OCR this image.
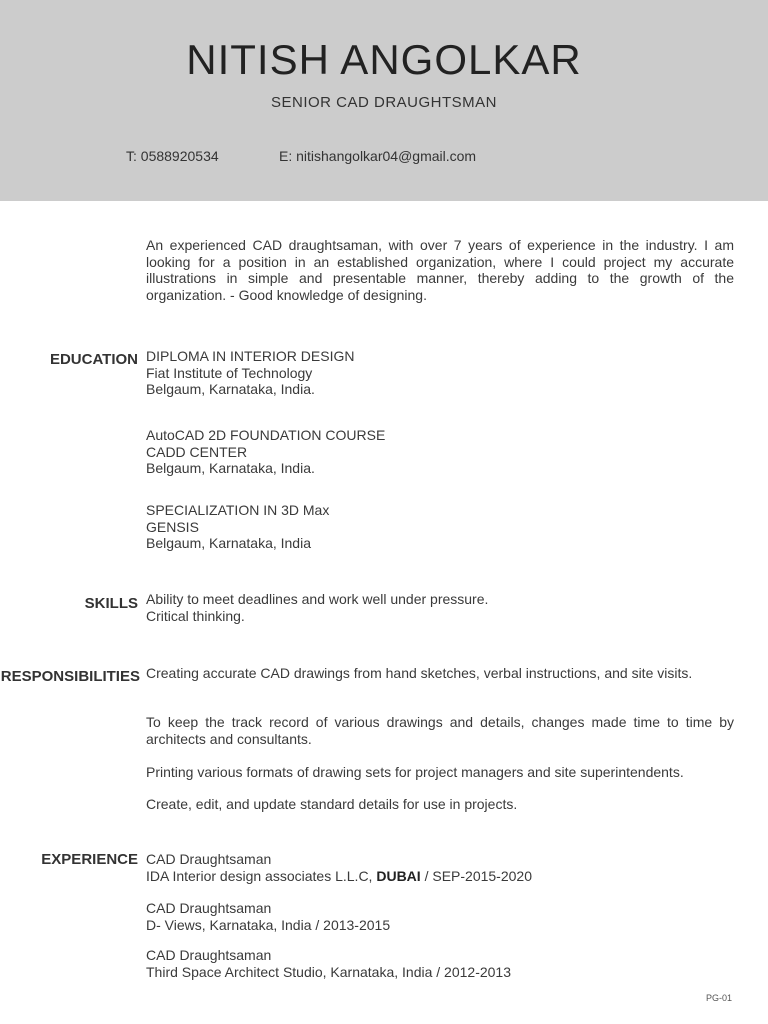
NITISH ANGOLKAR
SENIOR CAD DRAUGHTSMAN
T: 0588920534	E: nitishangolkar04@gmail.com
An experienced CAD draughtsaman, with over 7 years of experience in the industry. I am looking for a position in an established organization, where I could project my accurate illustrations in simple and presentable manner, thereby adding to the growth of the organization. - Good knowledge of designing.
EDUCATION DIPLOMA IN INTERIOR DESIGN
Fiat Institute of Technology
Belgaum, Karnataka, India.
AutoCAD 2D FOUNDATION COURSE
CADD CENTER
Belgaum, Karnataka, India.
SPECIALIZATION IN 3D Max
GENSIS
Belgaum, Karnataka, India
SKILLS Ability to meet deadlines and work well under pressure.
Critical thinking.
RESPONSIBILITIES Creating accurate CAD drawings from hand sketches, verbal instructions, and site visits.
To keep the track record of various drawings and details, changes made time to time by architects and consultants.
Printing various formats of drawing sets for project managers and site superintendents.
Create, edit, and update standard details for use in projects.
EXPERIENCE CAD Draughtsaman
IDA Interior design associates L.L.C, DUBAI / SEP-2015-2020
CAD Draughtsaman
D- Views, Karnataka, India / 2013-2015
CAD Draughtsaman
Third Space Architect Studio, Karnataka, India / 2012-2013
PG-01
